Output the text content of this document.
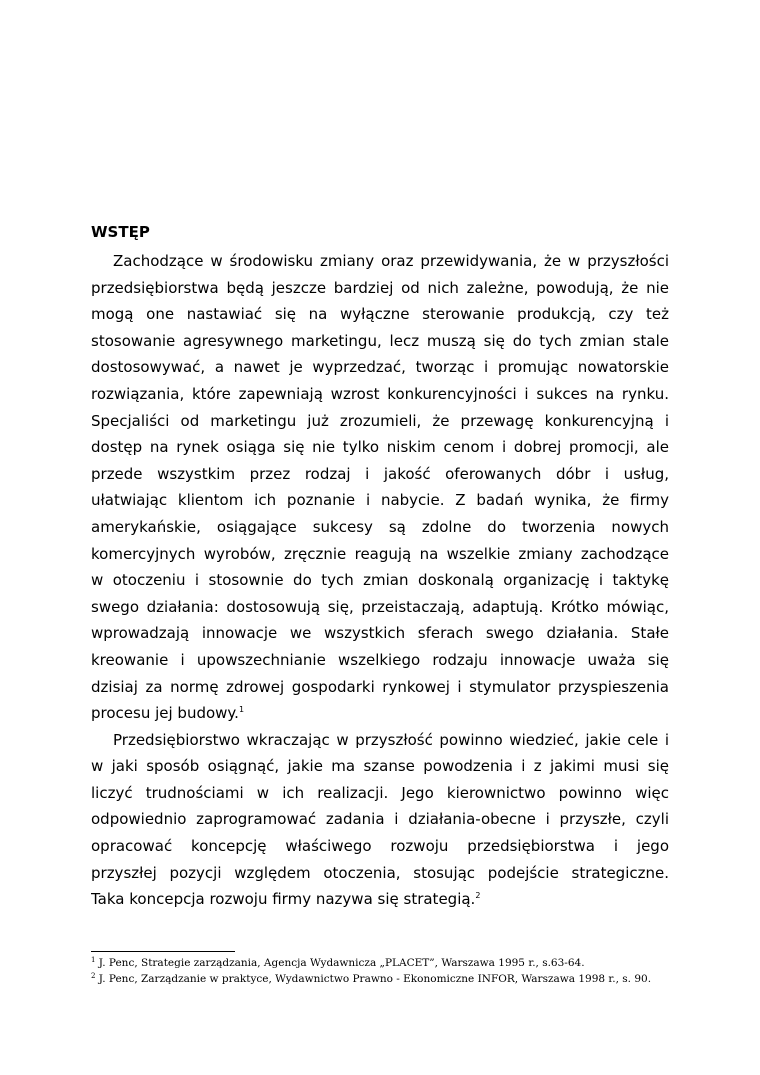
WSTĘP
Zachodzące w środowisku zmiany oraz przewidywania, że w przyszłości
przedsiębiorstwa będą jeszcze bardziej od nich zależne, powodują, że nie
mogą one nastawiać się na wyłączne sterowanie produkcją, czy też
stosowanie agresywnego marketingu, lecz muszą się do tych zmian stale
dostosowywać, a nawet je wyprzedzać, tworząc i promując nowatorskie
rozwiązania, które zapewniają wzrost konkurencyjności i sukces na rynku.
Specjaliści od marketingu już zrozumieli, że przewagę konkurencyjną i
dostęp na rynek osiąga się nie tylko niskim cenom i dobrej promocji, ale
przede wszystkim przez rodzaj i jakość oferowanych dóbr i usług,
ułatwiając klientom ich poznanie i nabycie. Z badań wynika, że firmy
amerykańskie, osiągające sukcesy są zdolne do tworzenia nowych
komercyjnych wyrobów, zręcznie reagują na wszelkie zmiany zachodzące
w otoczeniu i stosownie do tych zmian doskonalą organizację i taktykę
swego działania: dostosowują się, przeistaczają, adaptują. Krótko mówiąc,
wprowadzają innowacje we wszystkich sferach swego działania. Stałe
kreowanie i upowszechnianie wszelkiego rodzaju innowacje uważa się
dzisiaj za normę zdrowej gospodarki rynkowej i stymulator przyspieszenia
procesu jej budowy.$^1$
Przedsiębiorstwo wkraczając w przyszłość powinno wiedzieć, jakie cele i
w jaki sposób osiągnąć, jakie ma szanse powodzenia i z jakimi musi się
liczyć trudnościami w ich realizacji. Jego kierownictwo powinno więc
odpowiednio zaprogramować zadania i działania-obecne i przyszłe, czyli
opracować koncepcję właściwego rozwoju przedsiębiorstwa i jego
przyszłej pozycji względem otoczenia, stosując podejście strategiczne.
Taka koncepcja rozwoju firmy nazywa się strategią.$^2$
$^1$ J. Penc, Strategie zarządzania, Agencja Wydawnicza „PLACET”, Warszawa 1995 r., s.63-64.
$^2$ J. Penc, Zarządzanie w praktyce, Wydawnictwo Prawno - Ekonomiczne INFOR, Warszawa 1998 r., s. 90.
